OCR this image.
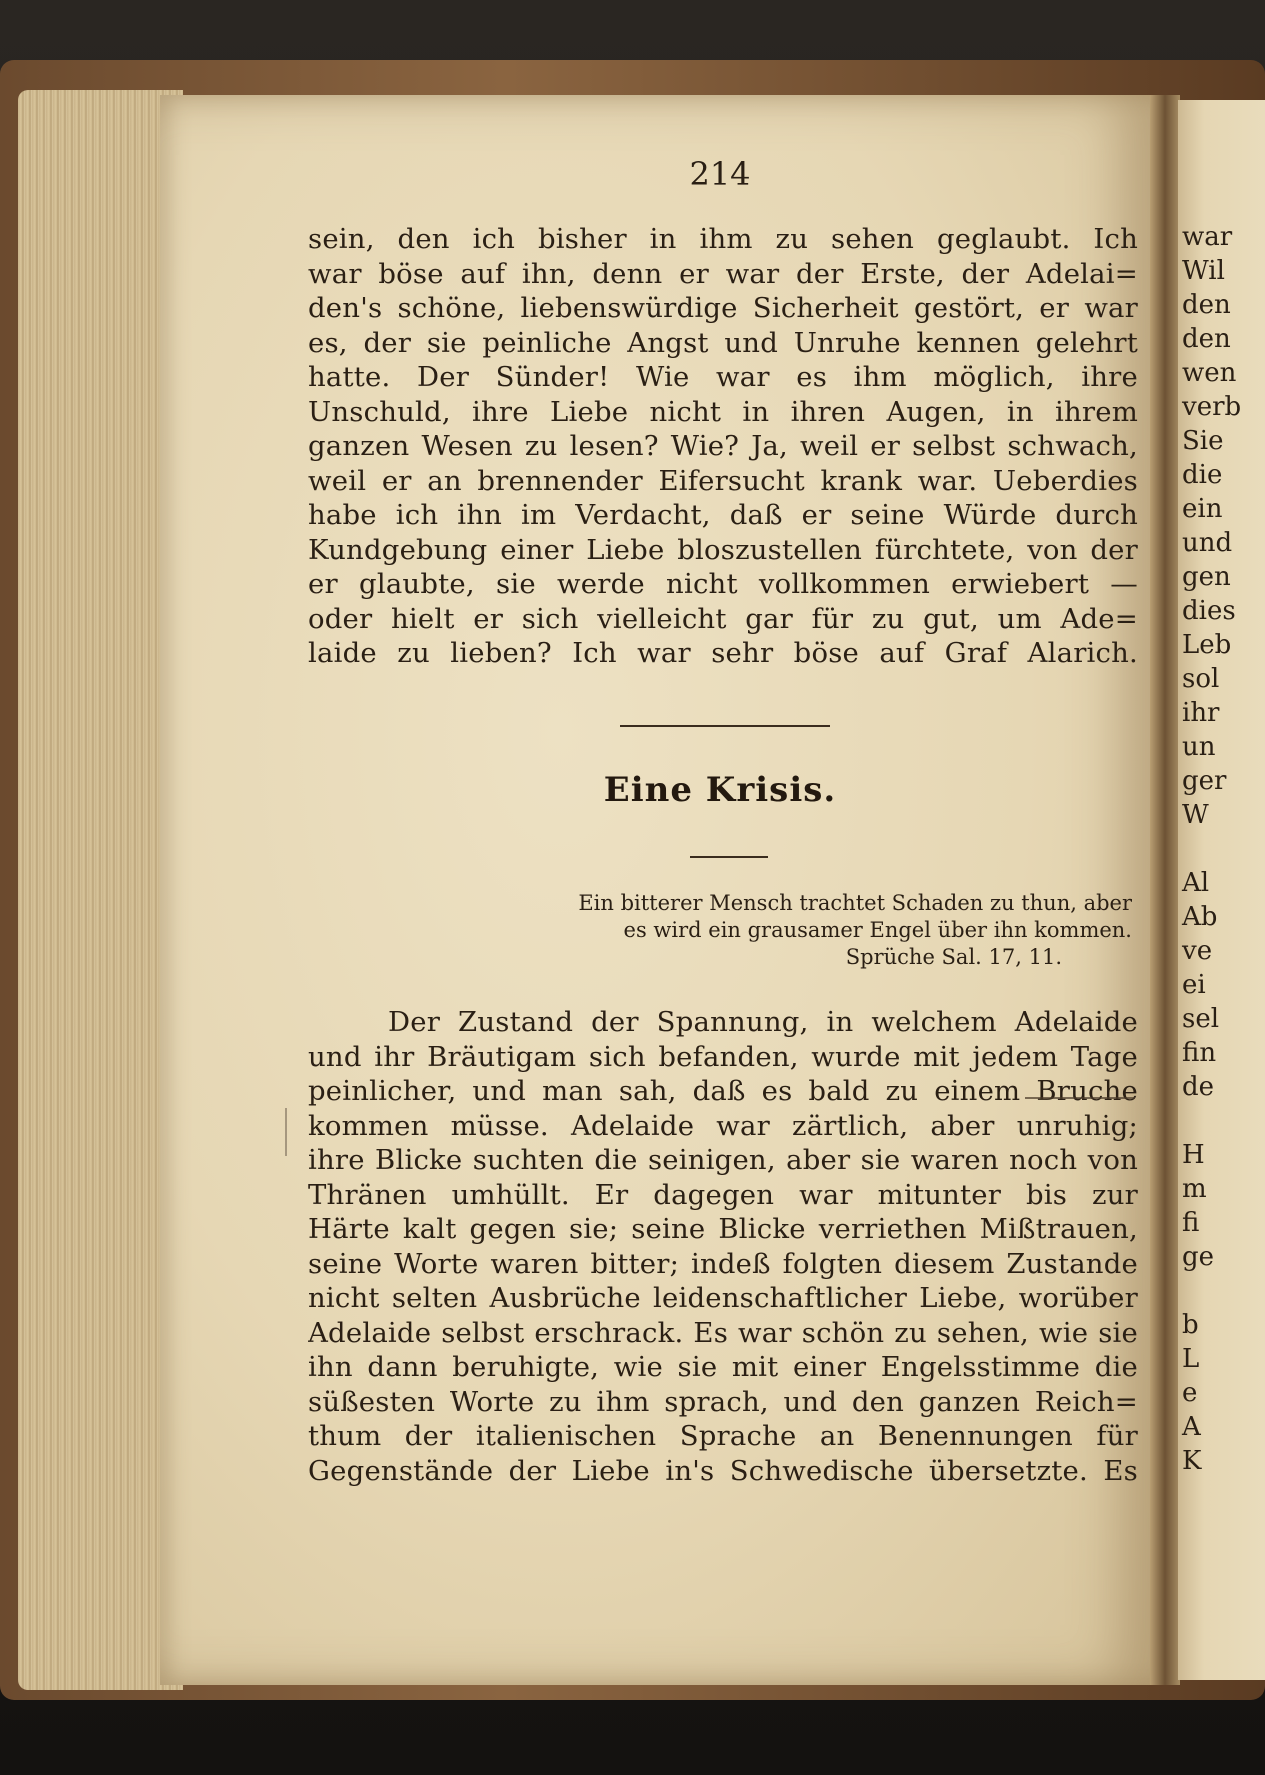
war
Wil
den
den
wen
verb
Sie
die
ein
und
gen
dies
Leb
sol
ihr
un
ger
W

Al
Ab
ve
ei
sel
fin
de

H
m
fi
ge

b
L
e
A
K

214

sein, den ich bisher in ihm zu sehen geglaubt. Ich
war böse auf ihn, denn er war der Erste, der Adelai=
den's schöne, liebenswürdige Sicherheit gestört, er war
es, der sie peinliche Angst und Unruhe kennen gelehrt
hatte. Der Sünder! Wie war es ihm möglich, ihre
Unschuld, ihre Liebe nicht in ihren Augen, in ihrem
ganzen Wesen zu lesen? Wie? Ja, weil er selbst schwach,
weil er an brennender Eifersucht krank war. Ueberdies
habe ich ihn im Verdacht, daß er seine Würde durch
Kundgebung einer Liebe bloszustellen fürchtete, von der
er glaubte, sie werde nicht vollkommen erwiebert —
oder hielt er sich vielleicht gar für zu gut, um Ade=
laide zu lieben? Ich war sehr böse auf Graf Alarich.
Eine Krisis.
Ein bitterer Mensch trachtet Schaden zu thun, aber
es wird ein grausamer Engel über ihn kommen.
Sprüche Sal. 17, 11.
Der Zustand der Spannung, in welchem Adelaide
und ihr Bräutigam sich befanden, wurde mit jedem Tage
peinlicher, und man sah, daß es bald zu einem Bruche
kommen müsse. Adelaide war zärtlich, aber unruhig;
ihre Blicke suchten die seinigen, aber sie waren noch von
Thränen umhüllt. Er dagegen war mitunter bis zur
Härte kalt gegen sie; seine Blicke verriethen Mißtrauen,
seine Worte waren bitter; indeß folgten diesem Zustande
nicht selten Ausbrüche leidenschaftlicher Liebe, worüber
Adelaide selbst erschrack. Es war schön zu sehen, wie sie
ihn dann beruhigte, wie sie mit einer Engelsstimme die
süßesten Worte zu ihm sprach, und den ganzen Reich=
thum der italienischen Sprache an Benennungen für
Gegenstände der Liebe in's Schwedische übersetzte. Es
